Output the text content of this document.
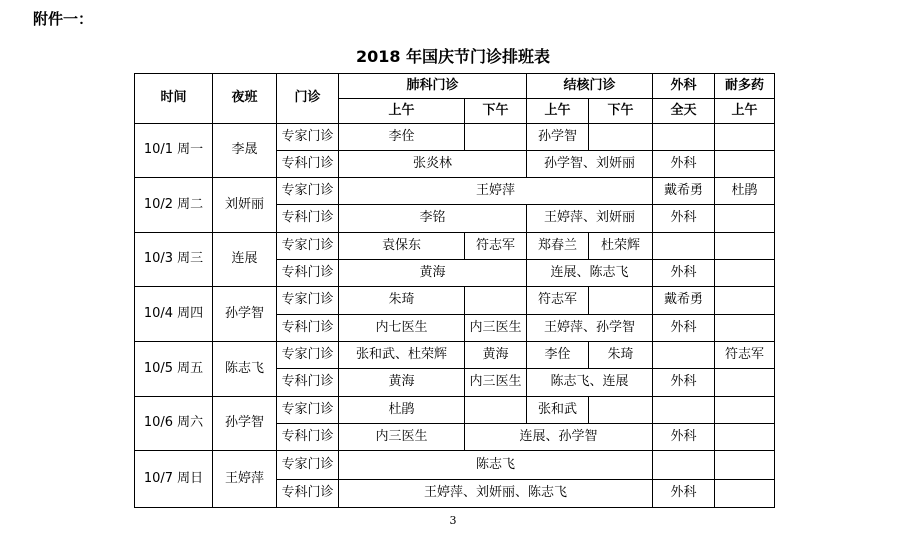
附件一：
2018 年国庆节门诊排班表
时间	夜班	门诊	肺科门诊		结核门诊		外科	耐多药
			上午	下午	上午	下午	全天	上午
10/1 周一	李晟	专家门诊	李佺		孙学智			
		专科门诊	张炎林		孙学智、刘妍丽		外科	
10/2 周二	刘妍丽	专家门诊	王婷萍				戴希勇	杜鹃
		专科门诊	李铭		王婷萍、刘妍丽		外科	
10/3 周三	连展	专家门诊	袁保东	符志军	郑春兰	杜荣辉		
		专科门诊	黄海		连展、陈志飞		外科	
10/4 周四	孙学智	专家门诊	朱琦		符志军		戴希勇	
		专科门诊	内七医生	内三医生	王婷萍、孙学智		外科	
10/5 周五	陈志飞	专家门诊	张和武、杜荣辉	黄海	李佺	朱琦		符志军
		专科门诊	黄海	内三医生	陈志飞、连展		外科	
10/6 周六	孙学智	专家门诊	杜鹃		张和武			
		专科门诊	内三医生	连展、孙学智			外科	
10/7 周日	王婷萍	专家门诊	陈志飞					
		专科门诊	王婷萍、刘妍丽、陈志飞				外科	
3
